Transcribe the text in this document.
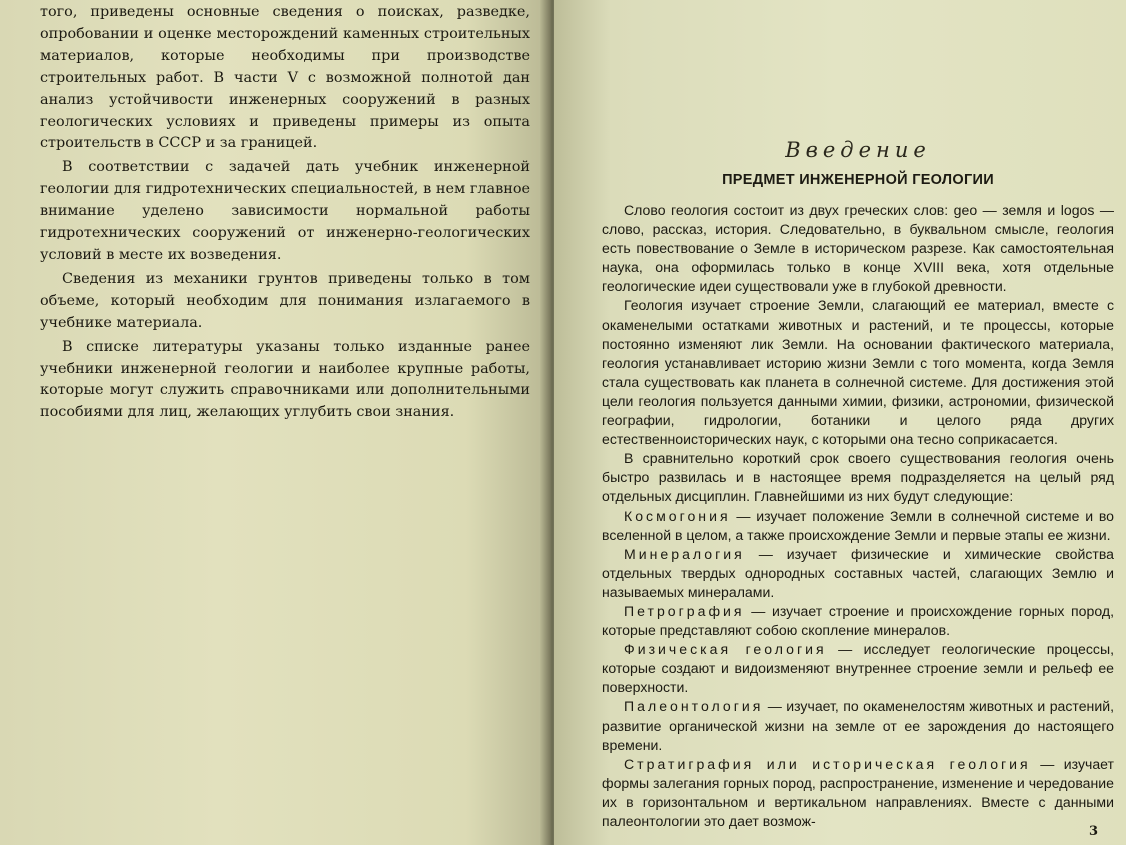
того, приведены основные сведения о поисках, разведке, опробовании и оценке месторождений каменных строительных материалов, которые необходимы при производстве строительных работ. В части V с возможной полнотой дан анализ устойчивости инженерных сооружений в разных геологических условиях и приведены примеры из опыта строительств в СССР и за границей.

В соответствии с задачей дать учебник инженерной геологии для гидротехнических специальностей, в нем главное внимание уделено зависимости нормальной работы гидротехнических сооружений от инженерно-геологических условий в месте их возведения.

Сведения из механики грунтов приведены только в том объеме, который необходим для понимания излагаемого в учебнике материала.

В списке литературы указаны только изданные ранее учебники инженерной геологии и наиболее крупные работы, которые могут служить справочниками или дополнительными пособиями для лиц, желающих углубить свои знания.

Введение
ПРЕДМЕТ ИНЖЕНЕРНОЙ ГЕОЛОГИИ

Слово геология состоит из двух греческих слов: geo — земля и logos — слово, рассказ, история. Следовательно, в буквальном смысле, геология есть повествование о Земле в историческом разрезе. Как самостоятельная наука, она оформилась только в конце XVIII века, хотя отдельные геологические идеи существовали уже в глубокой древности.

Геология изучает строение Земли, слагающий ее материал, вместе с окаменелыми остатками животных и растений, и те процессы, которые постоянно изменяют лик Земли. На основании фактического материала, геология устанавливает историю жизни Земли с того момента, когда Земля стала существовать как планета в солнечной системе. Для достижения этой цели геология пользуется данными химии, физики, астрономии, физической географии, гидрологии, ботаники и целого ряда других естественноисторических наук, с которыми она тесно соприкасается.

В сравнительно короткий срок своего существования геология очень быстро развилась и в настоящее время подразделяется на целый ряд отдельных дисциплин. Главнейшими из них будут следующие:

Космогония — изучает положение Земли в солнечной системе и во вселенной в целом, а также происхождение Земли и первые этапы ее жизни.

Минералогия — изучает физические и химические свойства отдельных твердых однородных составных частей, слагающих Землю и называемых минералами.

Петрография — изучает строение и происхождение горных пород, которые представляют собою скопление минералов.

Физическая геология — исследует геологические процессы, которые создают и видоизменяют внутреннее строение земли и рельеф ее поверхности.

Палеонтология — изучает, по окаменелостям животных и растений, развитие органической жизни на земле от ее зарождения до настоящего времени.

Стратиграфия или историческая геология — изучает формы залегания горных пород, распространение, изменение и чередование их в горизонтальном и вертикальном направлениях. Вместе с данными палеонтологии это дает возмож-

3
